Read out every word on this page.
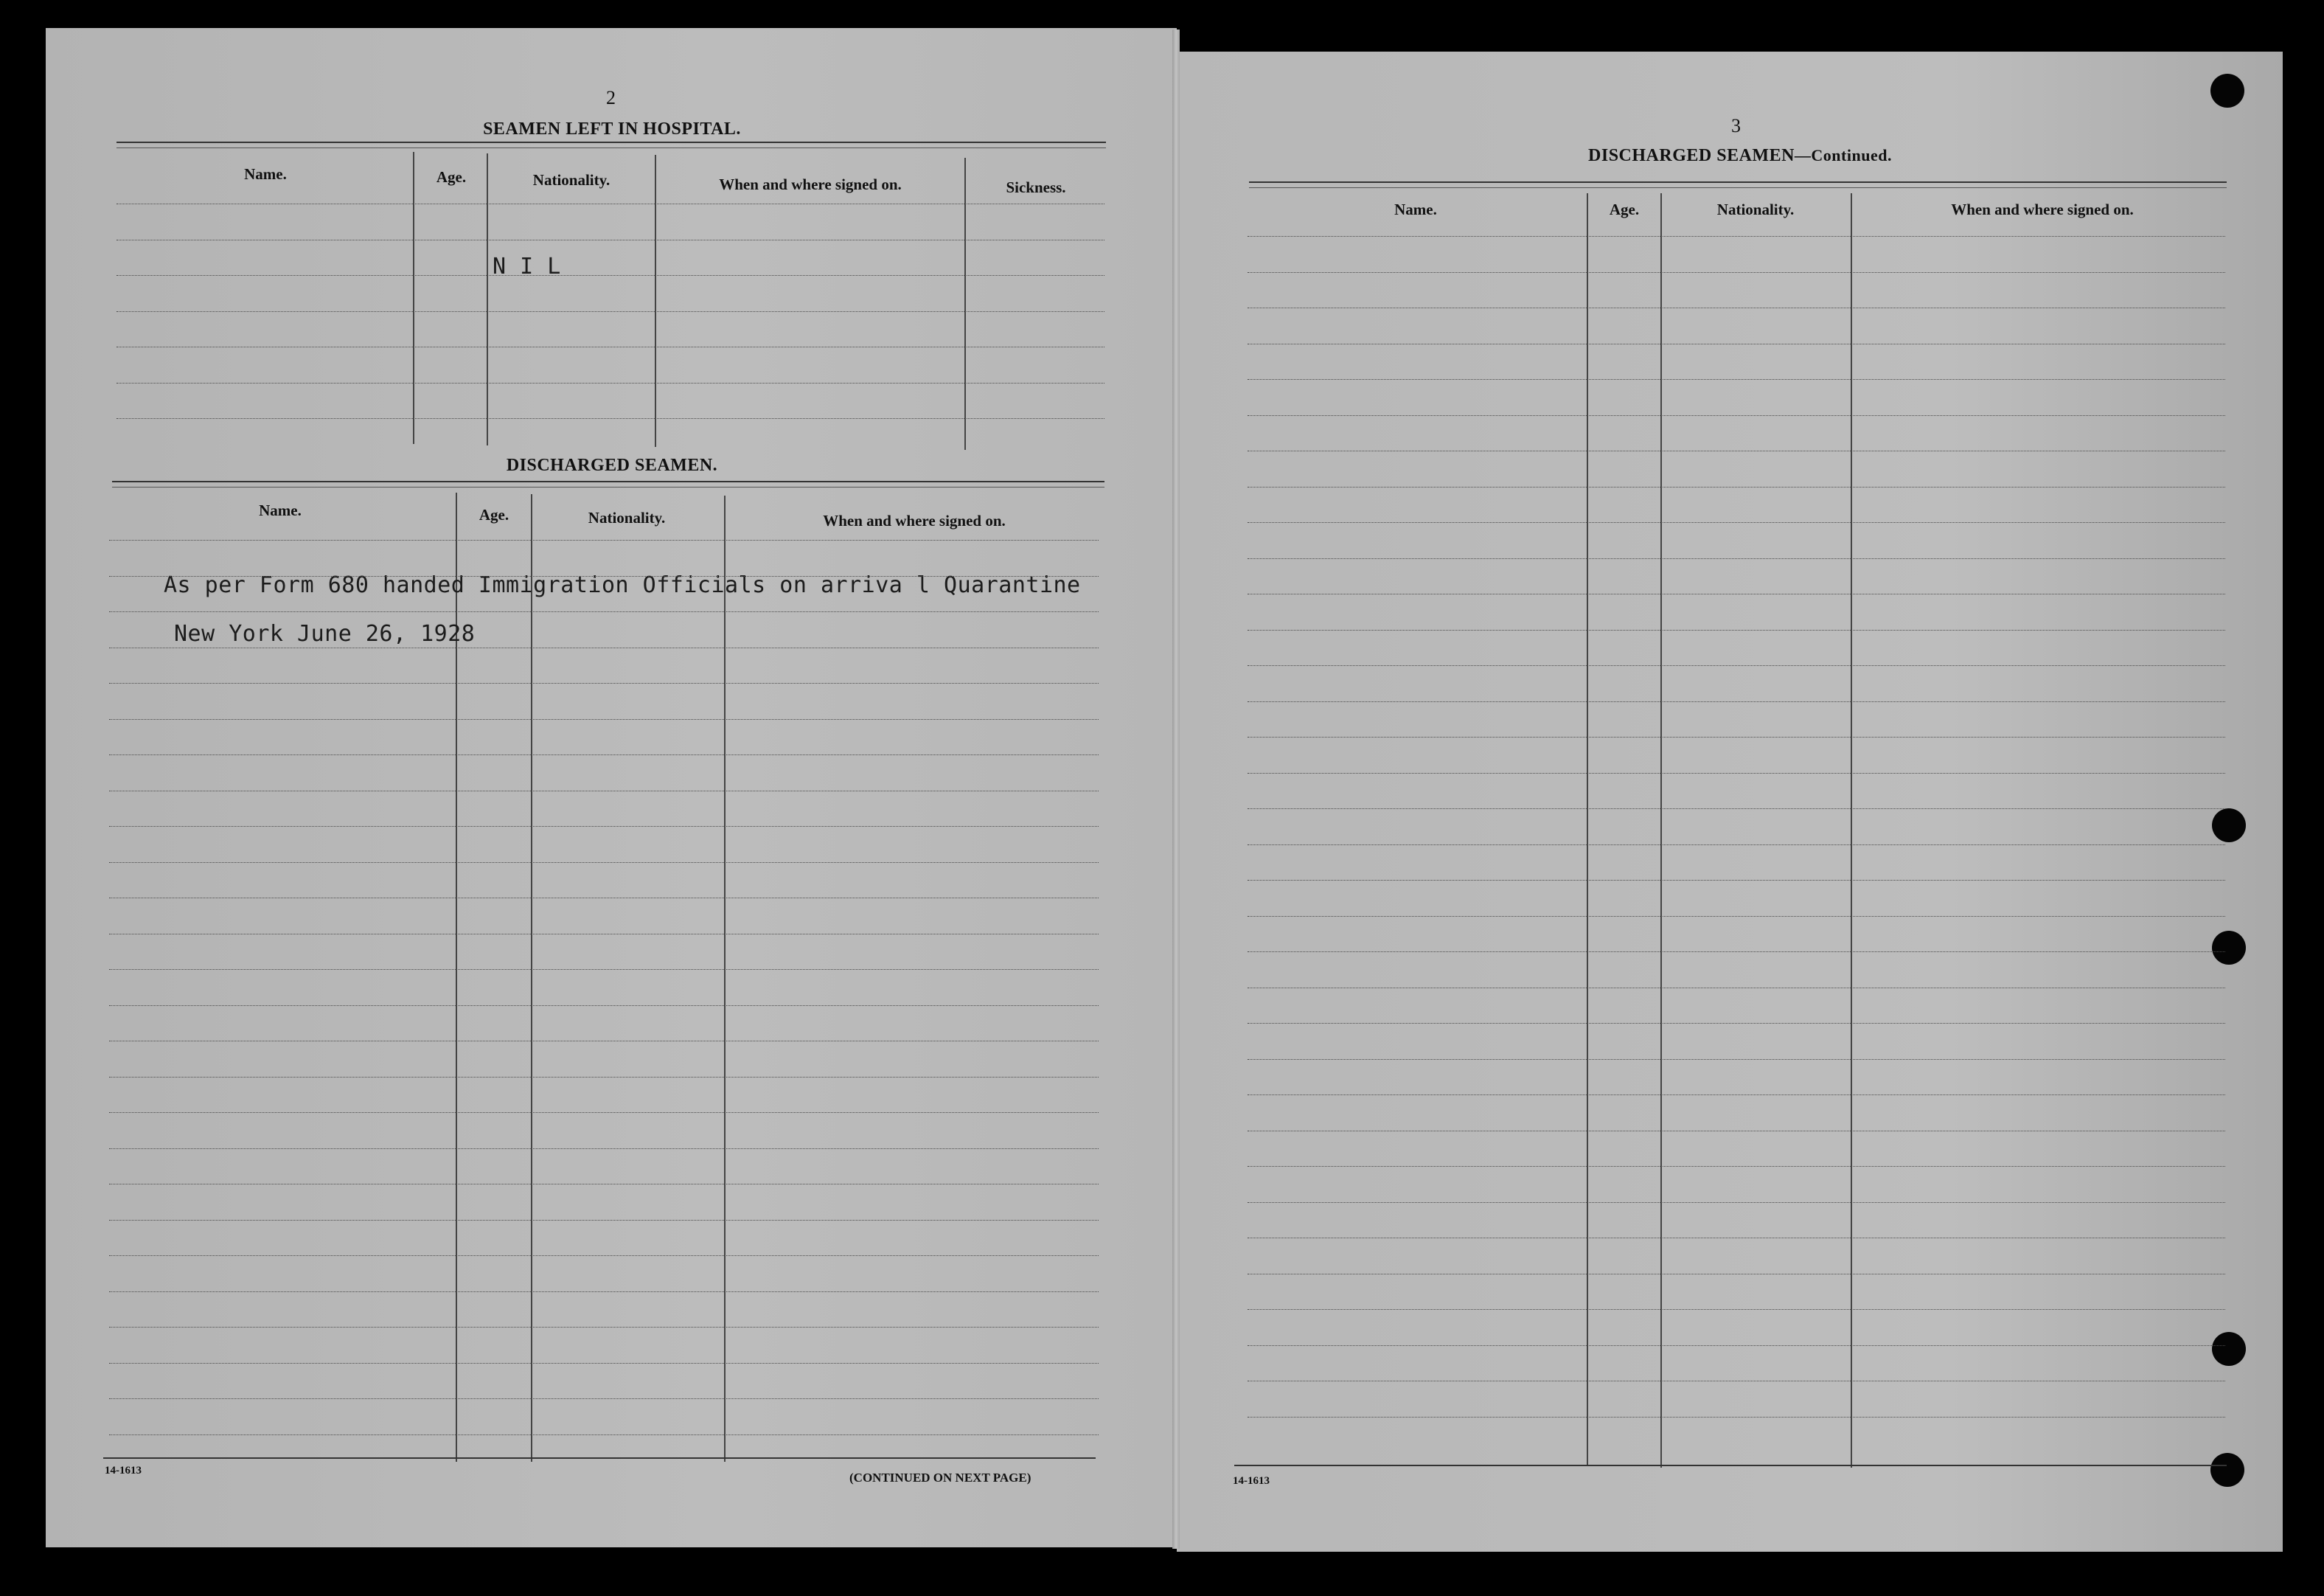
2
SEAMEN LEFT IN HOSPITAL.
Name.	Age.	Nationality.	When and where signed on.	Sickness.
N I L
DISCHARGED SEAMEN.
Name.	Age.	Nationality.	When and where signed on.
As per Form 680 handed Immigration Officials on arriva l Quarantine
New York June 26, 1928
14-1613	(CONTINUED ON NEXT PAGE)
3
DISCHARGED SEAMEN—Continued.
Name.	Age.	Nationality.	When and where signed on.
14-1613
